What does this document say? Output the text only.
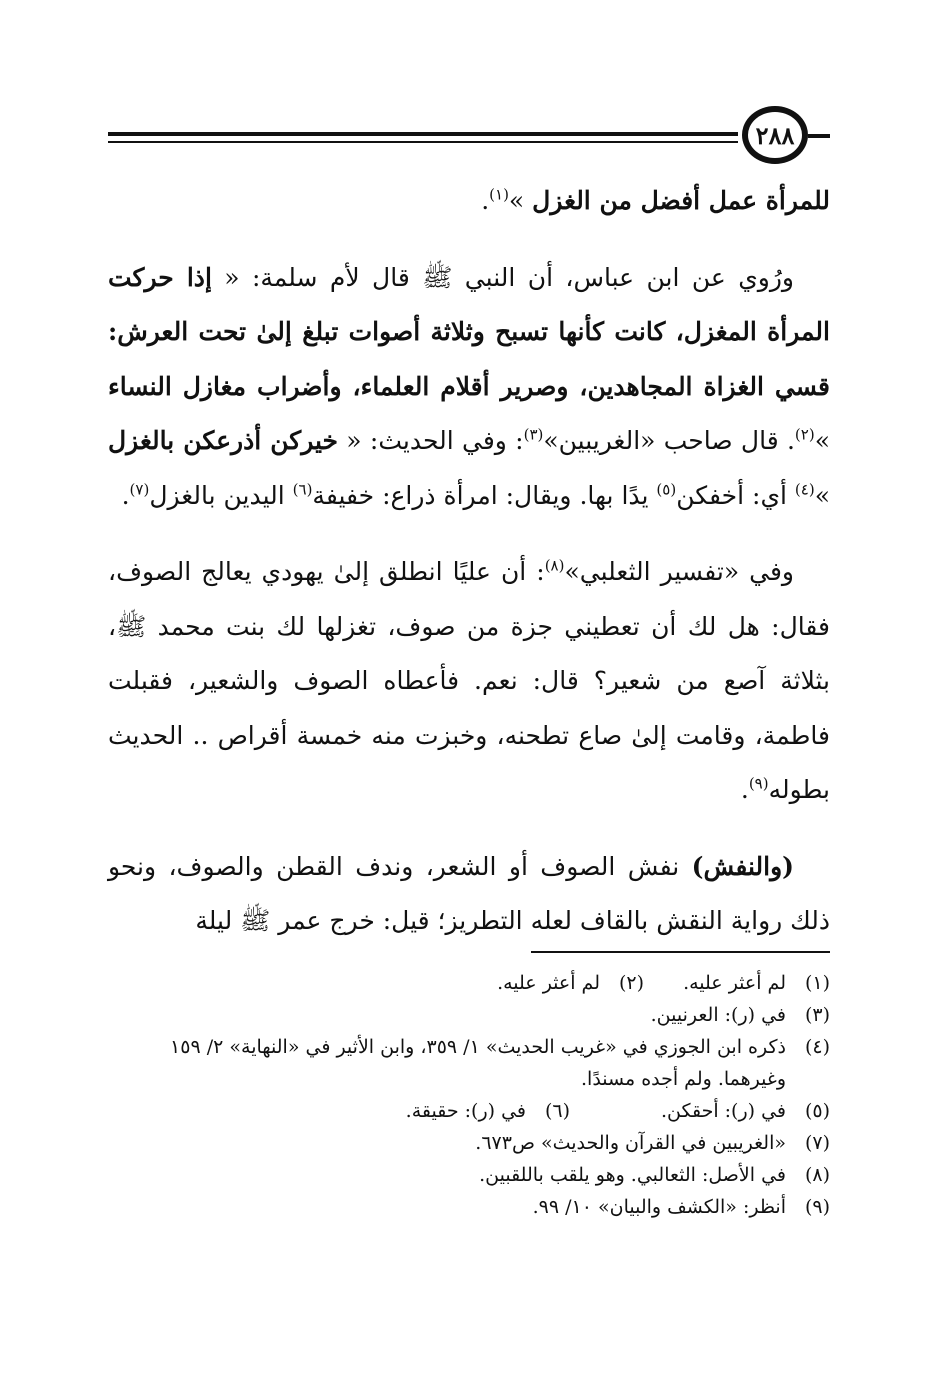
٢٨٨

للمرأة عمل أفضل من الغزل »$^{(١)}$.

ورُوي عن ابن عباس، أن النبي ﷺ قال لأم سلمة: « إذا حركت المرأة المغزل، كانت كأنها تسبح وثلاثة أصوات تبلغ إلىٰ تحت العرش: قسي الغزاة المجاهدين، وصرير أقلام العلماء، وأضراب مغازل النساء »$^{(٢)}$. قال صاحب «الغريبين»$^{(٣)}$: وفي الحديث: « خيركن أذرعكن بالغزل »$^{(٤)}$ أي: أخفكن$^{(٥)}$ يدًا بها. ويقال: امرأة ذراع: خفيفة$^{(٦)}$ اليدين بالغزل$^{(٧)}$.

وفي «تفسير الثعلبي»$^{(٨)}$: أن عليًا انطلق إلىٰ يهودي يعالج الصوف، فقال: هل لك أن تعطيني جزة من صوف، تغزلها لك بنت محمد ﷺ، بثلاثة آصع من شعير؟ قال: نعم. فأعطاه الصوف والشعير، فقبلت فاطمة، وقامت إلىٰ صاع تطحنه، وخبزت منه خمسة أقراص .. الحديث بطوله$^{(٩)}$.

(والنفش) نفش الصوف أو الشعر، وندف القطن والصوف، ونحو ذلك رواية النقش بالقاف لعله التطريز؛ قيل: خرج عمر ﷺ ليلة

(١)
لم أعثر عليه.
(٢)
لم أعثر عليه.
(٣)
في (ر): العرنيين.
(٤)
ذكره ابن الجوزي في «غريب الحديث» ١/ ٣٥٩، وابن الأثير في «النهاية» ٢/ ١٥٩ وغيرهما. ولم أجده مسندًا.
(٥)
في (ر): أحقكن.
(٦)
في (ر): حقيقة.
(٧)
«الغريبين في القرآن والحديث» ص٦٧٣.
(٨)
في الأصل: الثعالبي. وهو يلقب باللقبين.
(٩)
أنظر: «الكشف والبيان» ١٠/ ٩٩.
